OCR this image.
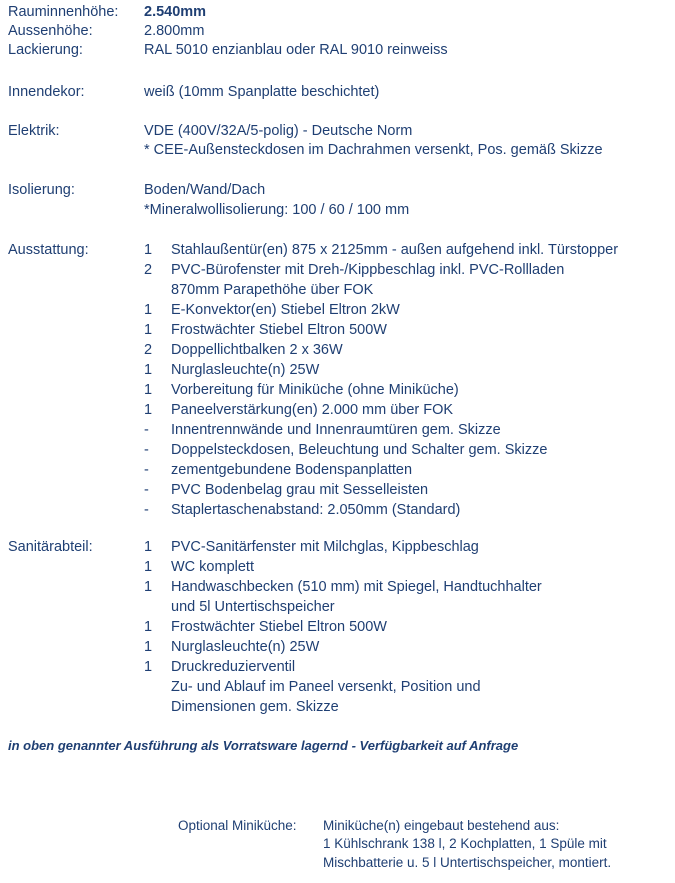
Rauminnenhöhe: 2.540mm
Aussenhöhe:	2.800mm
Lackierung:	RAL 5010 enzianblau oder RAL 9010 reinweiss
Innendekor:	weiß (10mm Spanplatte beschichtet)
Elektrik:	VDE (400V/32A/5-polig) - Deutsche Norm
* CEE-Außensteckdosen im Dachrahmen versenkt, Pos. gemäß Skizze
Isolierung:	Boden/Wand/Dach
*Mineralwollisolierung: 100 / 60 / 100 mm
Ausstattung:	1 Stahlaußentür(en) 875 x 2125mm - außen aufgehend inkl. Türstopper
2 PVC-Bürofenster mit Dreh-/Kippbeschlag inkl. PVC-Rollladen
870mm Parapethöhe über FOK
1 E-Konvektor(en) Stiebel Eltron 2kW
1 Frostwächter Stiebel Eltron 500W
2 Doppellichtbalken 2 x 36W
1 Nurglasleuchte(n) 25W
1 Vorbereitung für Miniküche (ohne Miniküche)
1 Paneelverstärkung(en) 2.000 mm über FOK
- Innentrennwände und Innenraumtüren gem. Skizze
- Doppelsteckdosen, Beleuchtung und Schalter gem. Skizze
- zementgebundene Bodenspanplatten
- PVC Bodenbelag grau mit Sesselleisten
- Staplertaschenabstand: 2.050mm (Standard)
Sanitärabteil:	1 PVC-Sanitärfenster mit Milchglas, Kippbeschlag
1 WC komplett
1 Handwaschbecken (510 mm) mit Spiegel, Handtuchhalter
und 5l Untertischspeicher
1 Frostwächter Stiebel Eltron 500W
1 Nurglasleuchte(n) 25W
1 Druckreduzierventil
Zu- und Ablauf im Paneel versenkt, Position und
Dimensionen gem. Skizze
in oben genannter Ausführung als Vorratsware lagernd - Verfügbarkeit auf Anfrage
Optional Miniküche: Miniküche(n) eingebaut bestehend aus:
1 Kühlschrank 138 l, 2 Kochplatten, 1 Spüle mit
Mischbatterie u. 5 l Untertischspeicher, montiert.
